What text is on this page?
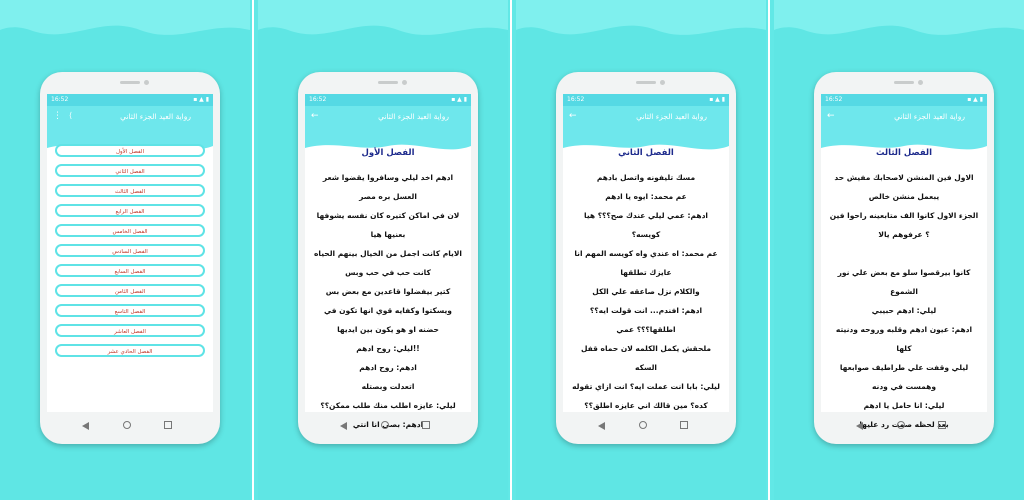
16:52	▪ ▲ ▮
⋮ ⟨	رواية العيد الجزء الثاني
الفصل الأول
الفصل الثاني
الفصل الثالث
الفصل الرابع
الفصل الخامس
الفصل السادس
الفصل السابع
الفصل الثامن
الفصل التاسع
الفصل العاشر
الفصل الحادي عشر
16:52	▪ ▲ ▮
←	رواية العيد الجزء الثاني
الفصل الأول
ادهم اخد ليلي وسافروا يقضوا شعر العسل بره مصر
لان في اماكن كتيره كان نفسه يشوفها بعنيها هيا
الايام كانت اجمل من الخيال بينهم الحياه كانت حب في حب وبس
كتير بيفضلوا قاعدين مع بعض بس ويسكتوا وكفايه قوي انها تكون في حضنه او هو يكون بين ايديها
!!ليلي: روح ادهم
ادهم: روح ادهم
اتعدلت وبصتله
ليلي: عايزه اطلب منك طلب ممكن؟؟
ادهم: بصي انا انتي
16:52	▪ ▲ ▮
←	رواية العيد الجزء الثاني
الفصل الثاني
مسك تليفونه واتصل بادهم
عم محمد: ايوه يا ادهم
ادهم: عمي ليلي عندك صح؟؟؟ هيا كويسه؟
عم محمد: اه عندي واه كويسه المهم انا عايزك تطلقها
والكلام نزل صاعقه علي الكل
ادهم: افندم... انت قولت ايه؟؟ اطلقها؟؟؟ عمي
ملحقش يكمل الكلمه لان حماه قفل السكه
ليلي: بابا انت عملت ايه؟ انت ازاي تقوله كده؟ مين قالك اني عايزه اطلق؟؟
16:52	▪ ▲ ▮
←	رواية العيد الجزء الثاني
الفصل الثالث
الاول فين المنشن لاصحابك مفيش حد يبعمل منشن خالص
الجزء الاول كانوا الف متابعينه راحوا فين ؟ عرفوهم يالا

كانوا بيرقصوا سلو مع بعض علي نور الشموع
ليلي: ادهم حبيبي
ادهم: عيون ادهم وقلبه وروحه ودنيته كلها
ليلي وقفت علي طراطيف صوابعها وهمست في ودنه
ليلي: انا حامل يا ادهم
بعد لحظه صمت رد عليها
